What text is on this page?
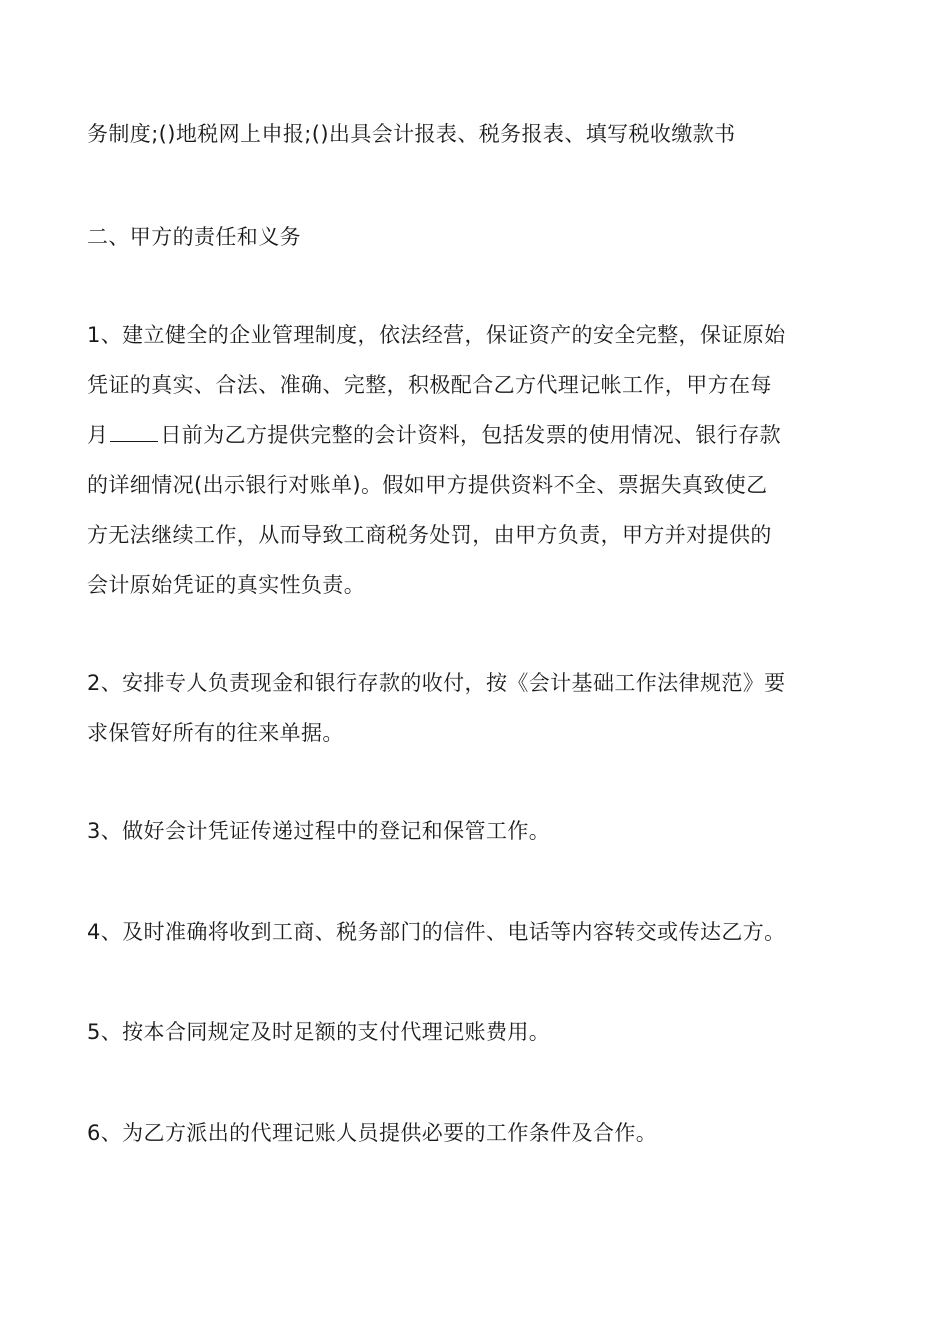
务制度;()地税网上申报;()出具会计报表、税务报表、填写税收缴款书
二、甲方的责任和义务
1、建立健全的企业管理制度，依法经营，保证资产的安全完整，保证原始
凭证的真实、合法、准确、完整，积极配合乙方代理记帐工作，甲方在每
月 日前为乙方提供完整的会计资料，包括发票的使用情况、银行存款
的详细情况(出示银行对账单)。假如甲方提供资料不全、票据失真致使乙
方无法继续工作，从而导致工商税务处罚，由甲方负责，甲方并对提供的
会计原始凭证的真实性负责。
2、安排专人负责现金和银行存款的收付，按《会计基础工作法律规范》要
求保管好所有的往来单据。
3、做好会计凭证传递过程中的登记和保管工作。
4、及时准确将收到工商、税务部门的信件、电话等内容转交或传达乙方。
5、按本合同规定及时足额的支付代理记账费用。
6、为乙方派出的代理记账人员提供必要的工作条件及合作。
